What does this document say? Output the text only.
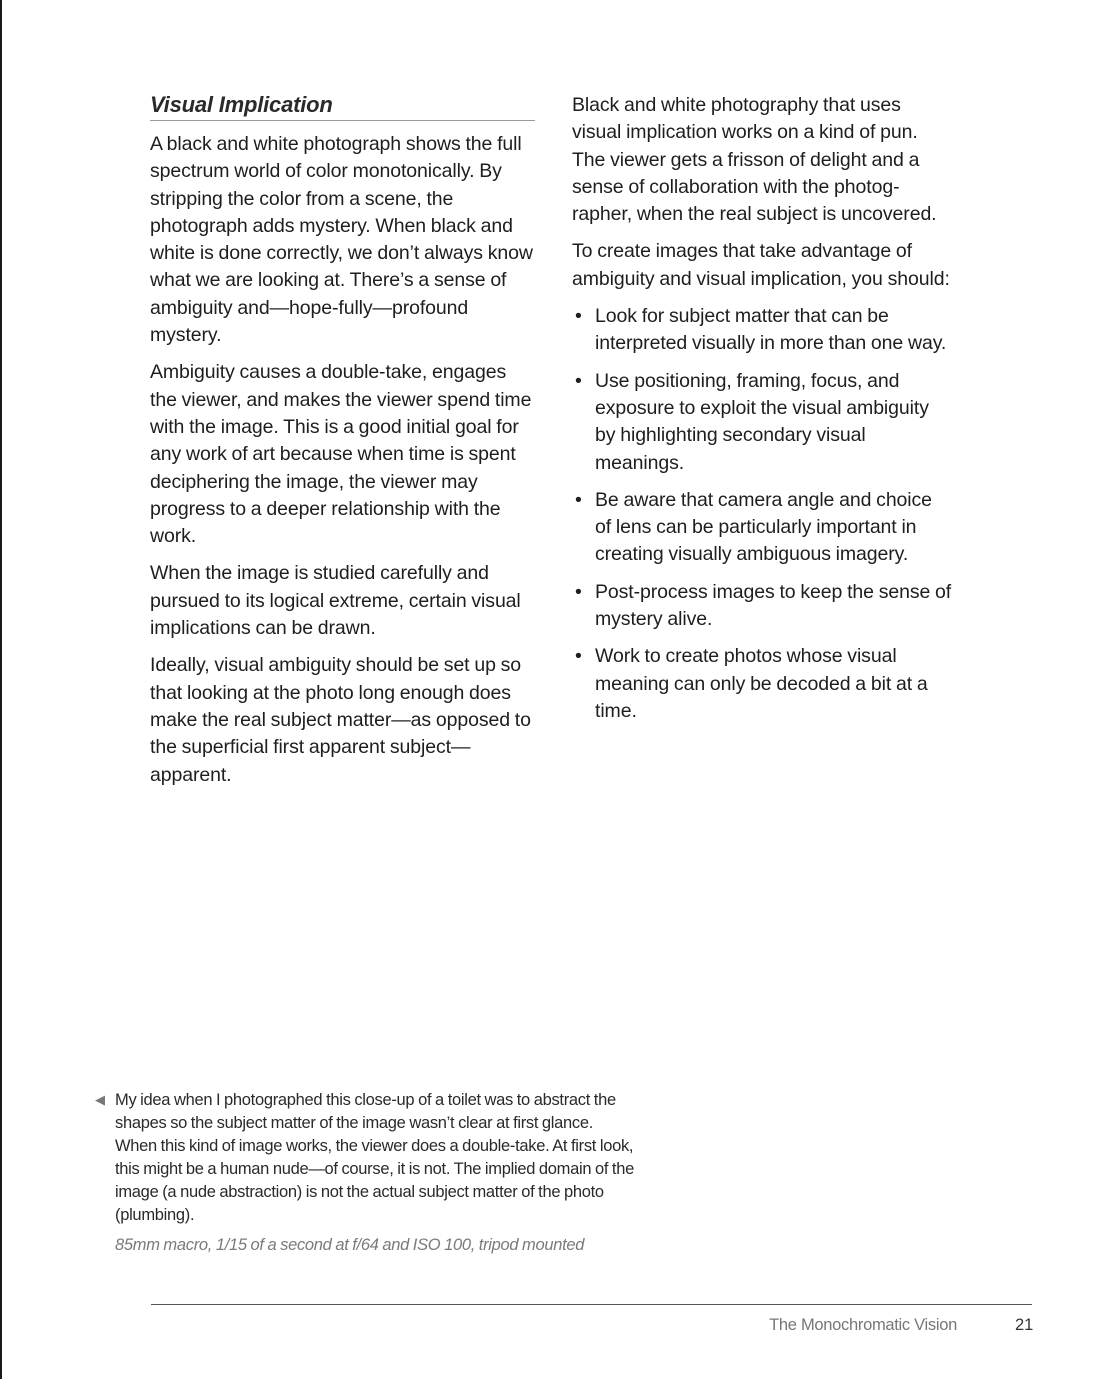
Visual Implication

A black and white photograph shows the full spectrum world of color monotonically. By stripping the color from a scene, the photograph adds mystery. When black and white is done correctly, we don’t always know what we are looking at. There’s a sense of ambiguity and—hope-fully—profound mystery.

Ambiguity causes a double-take, engages the viewer, and makes the viewer spend time with the image. This is a good initial goal for any work of art because when time is spent deciphering the image, the viewer may progress to a deeper relationship with the work.

When the image is studied carefully and pursued to its logical extreme, certain visual implications can be drawn.

Ideally, visual ambiguity should be set up so that looking at the photo long enough does make the real subject matter—as opposed to the superficial first apparent subject—apparent.

Black and white photography that uses visual implication works on a kind of pun. The viewer gets a frisson of delight and a sense of collaboration with the photog-rapher, when the real subject is uncovered.

To create images that take advantage of ambiguity and visual implication, you should:

• Look for subject matter that can be interpreted visually in more than one way.
• Use positioning, framing, focus, and exposure to exploit the visual ambiguity by highlighting secondary visual meanings.
• Be aware that camera angle and choice of lens can be particularly important in creating visually ambiguous imagery.
• Post-process images to keep the sense of mystery alive.
• Work to create photos whose visual meaning can only be decoded a bit at a time.
◀ My idea when I photographed this close-up of a toilet was to abstract the shapes so the subject matter of the image wasn’t clear at first glance. When this kind of image works, the viewer does a double-take. At first look, this might be a human nude—of course, it is not. The implied domain of the image (a nude abstraction) is not the actual subject matter of the photo (plumbing).
85mm macro, 1/15 of a second at f/64 and ISO 100, tripod mounted
The Monochromatic Vision	21
